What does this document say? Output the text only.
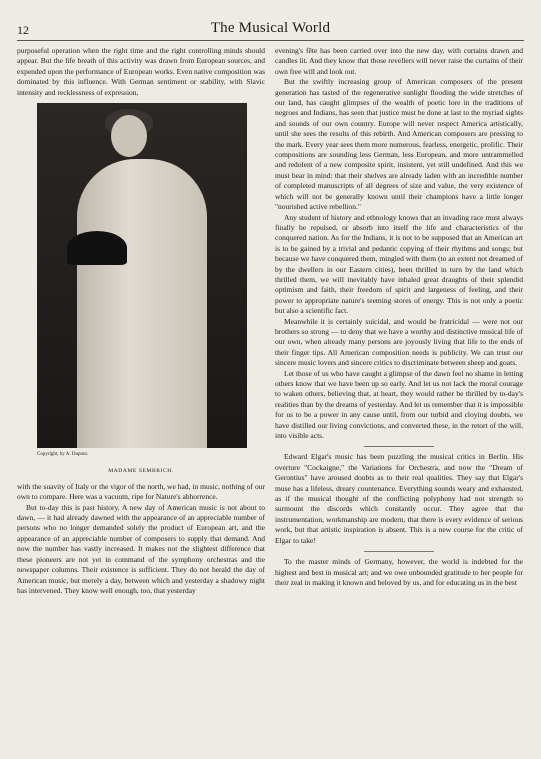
12	The Musical World

purposeful operation when the right time and the right controlling minds should appear. But the life breath of this activity was drawn from European sources, and expended upon the performance of European works. Even native composition was dominated by this influence. With German sentiment or stability, with Slavic intensity and recklessness of expression,

Copyright, by A. Dupont.
MADAME SEMBRICH.

with the suavity of Italy or the vigor of the north, we had, in music, nothing of our own to compare. Here was a vacuum, ripe for Nature's abhorrence.

But to-day this is past history. A new day of American music is not about to dawn, — it had already dawned with the appearance of an appreciable number of persons who no longer demanded solely the product of European art, and the appearance of an appreciable number of composers to supply that demand. And now the number has vastly increased. It makes not the slightest difference that these pioneers are not yet in command of the symphony orchestras and the newspaper columns. Their existence is sufficient. They do not herald the day of American music, but merely a day, between which and yesterday a shadowy night has intervened. They know well enough, too, that yesterday

evening's fête has been carried over into the new day, with curtains drawn and candles lit. And they know that those revellers will never raise the curtains of their own free will and look out.

But the swiftly increasing group of American composers of the present generation has tasted of the regenerative sunlight flooding the wide stretches of our land, has caught glimpses of the wealth of poetic lore in the traditions of negroes and Indians, has seen that justice must be done at last to the myriad sights and sounds of our own country. Europe will never respect America artistically, until she sees the results of this rebirth. And American composers are pressing to the mark. Every year sees them more numerous, fearless, energetic, prolific. Their compositions are sounding less German, less European, and more untrammelled and redolent of a new composite spirit, insistent, yet still undefined. And this we must bear in mind: that their shelves are already laden with an incredible number of completed manuscripts of all degrees of size and value, the very existence of which will not be generally known until their champions have a little longer "nourished active rebellion."

Any student of history and ethnology knows that an invading race must always finally be repulsed, or absorb into itself the life and characteristics of the conquered nation. As for the Indians, it is not to be supposed that an American art is to be gained by a trivial and pedantic copying of their rhythms and songs; but because we have conquered them, mingled with them (to an extent not dreamed of by the dwellers in our Eastern cities), been thrilled in turn by the land which thrilled them, we will inevitably have inhaled great draughts of their splendid optimism and faith, their freedom of spirit and largeness of feeling, and their power to appropriate nature's teeming stores of energy. This is not only a poetic but also a scientific fact.

Meanwhile it is certainly suicidal, and would be fratricidal — were not our brothers so strong — to deny that we have a worthy and distinctive musical life of our own, when already many persons are joyously living that life to the ends of their finger tips. All American composition needs is publicity. We can trust our sincere music lovers and sincere critics to discriminate between sheep and goats.

Let those of us who have caught a glimpse of the dawn feel no shame in letting others know that we have been up so early. And let us not lack the moral courage to waken others, believing that, at heart, they would rather be thrilled by to-day's realities than by the dreams of yesterday. And let us remember that it is impossible for us to be a power in any cause until, from our turbid and cloying doubts, we have distilled our living convictions, and converted these, in the retort of the will, into visible acts.

Edward Elgar's music has been puzzling the musical critics in Berlin. His overture "Cockaigne," the Variations for Orchestra, and now the "Dream of Gerontius" have aroused doubts as to their real qualities. They say that Elgar's muse has a lifeless, dreary countenance. Everything sounds weary and exhausted, as if the musical thought of the conflicting polyphony had not strength to surmount the discords which constantly occur. They agree that the instrumentation, workmanship are modern, that there is every evidence of serious work, but that artistic inspiration is absent. This is a new course for the critic of Elgar to take!

To the master minds of Germany, however, the world is indebted for the highest and best in musical art; and we owe unbounded gratitude to her people for their zeal in making it known and beloved by us, and for educating us in the best
